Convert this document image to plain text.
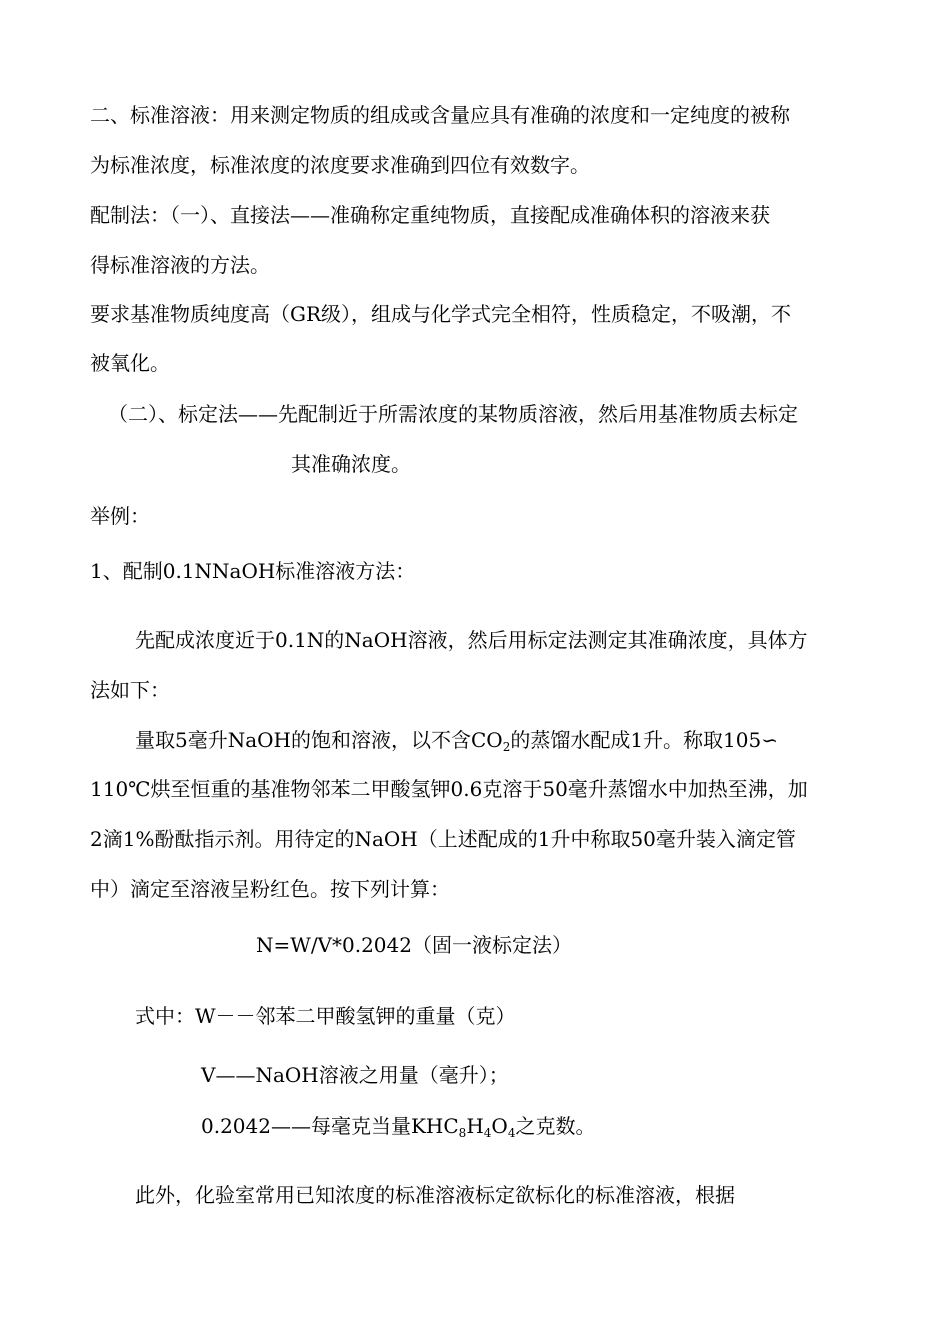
二、标准溶液：用来测定物质的组成或含量应具有准确的浓度和一定纯度的被称
为标准浓度，标准浓度的浓度要求准确到四位有效数字。
配制法：（一）、直接法——准确称定重纯物质，直接配成准确体积的溶液来获
得标准溶液的方法。
要求基准物质纯度高（GR级），组成与化学式完全相符，性质稳定，不吸潮，不
被氧化。
（二）、标定法——先配制近于所需浓度的某物质溶液，然后用基准物质去标定
其准确浓度。
举例：
1、配制0.1NNaOH标准溶液方法：
先配成浓度近于0.1N的NaOH溶液，然后用标定法测定其准确浓度，具体方
法如下：
量取5毫升NaOH的饱和溶液，以不含$CO_2$的蒸馏水配成1升。称取105∽
110℃烘至恒重的基准物邻苯二甲酸氢钾0.6克溶于50毫升蒸馏水中加热至沸，加
2滴1%酚酞指示剂。用待定的NaOH（上述配成的1升中称取50毫升装入滴定管
中）滴定至溶液呈粉红色。按下列计算：
N=W/V*0.2042（固一液标定法）
式中：W－－邻苯二甲酸氢钾的重量（克）
V——NaOH溶液之用量（毫升）；
0.2042——每毫克当量$KHC_8H_4O_4$之克数。
此外，化验室常用已知浓度的标准溶液标定欲标化的标准溶液，根据
